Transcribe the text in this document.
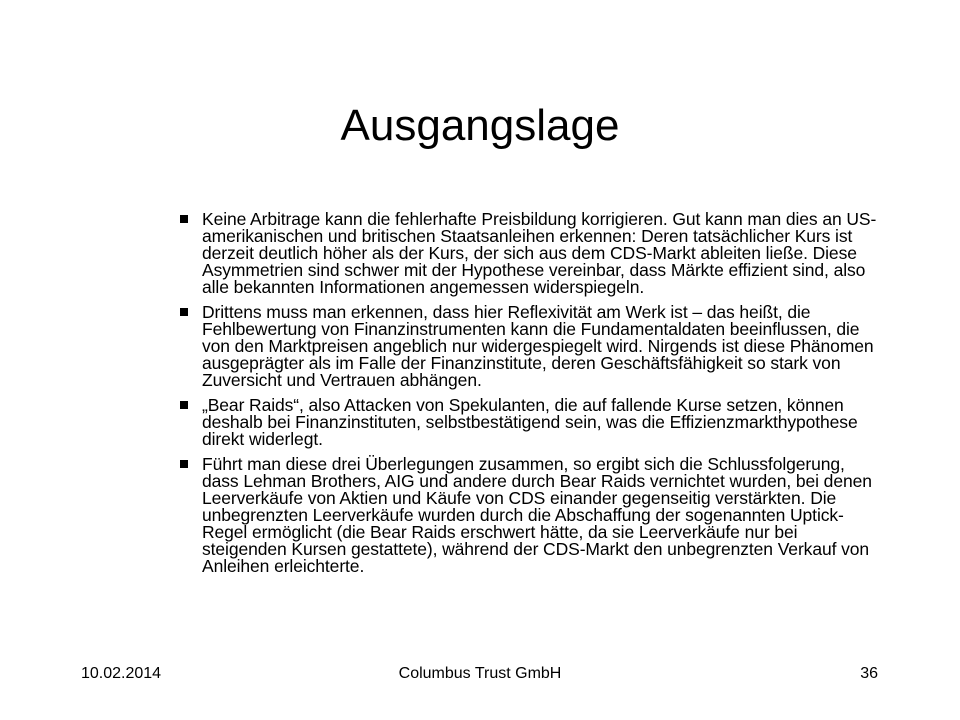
Ausgangslage
Keine Arbitrage kann die fehlerhafte Preisbildung korrigieren. Gut kann man dies an US-amerikanischen und britischen Staatsanleihen erkennen: Deren tatsächlicher Kurs ist derzeit deutlich höher als der Kurs, der sich aus dem CDS-Markt ableiten ließe. Diese Asymmetrien sind schwer mit der Hypothese vereinbar, dass Märkte effizient sind, also alle bekannten Informationen angemessen widerspiegeln.
Drittens muss man erkennen, dass hier Reflexivität am Werk ist – das heißt, die Fehlbewertung von Finanzinstrumenten kann die Fundamentaldaten beeinflussen, die von den Marktpreisen angeblich nur widergespiegelt wird. Nirgends ist diese Phänomen ausgeprägter als im Falle der Finanzinstitute, deren Geschäftsfähigkeit so stark von Zuversicht und Vertrauen abhängen.
„Bear Raids“, also Attacken von Spekulanten, die auf fallende Kurse setzen, können deshalb bei Finanzinstituten, selbstbestätigend sein, was die Effizienzmarkthypothese direkt widerlegt.
Führt man diese drei Überlegungen zusammen, so ergibt sich die Schlussfolgerung, dass Lehman Brothers, AIG und andere durch Bear Raids vernichtet wurden, bei denen Leerverkäufe von Aktien und Käufe von CDS einander gegenseitig verstärkten. Die unbegrenzten Leerverkäufe wurden durch die Abschaffung der sogenannten Uptick-Regel ermöglicht (die Bear Raids erschwert hätte, da sie Leerverkäufe nur bei steigenden Kursen gestattete), während der CDS-Markt den unbegrenzten Verkauf von Anleihen erleichterte.
10.02.2014	Columbus Trust GmbH	36
